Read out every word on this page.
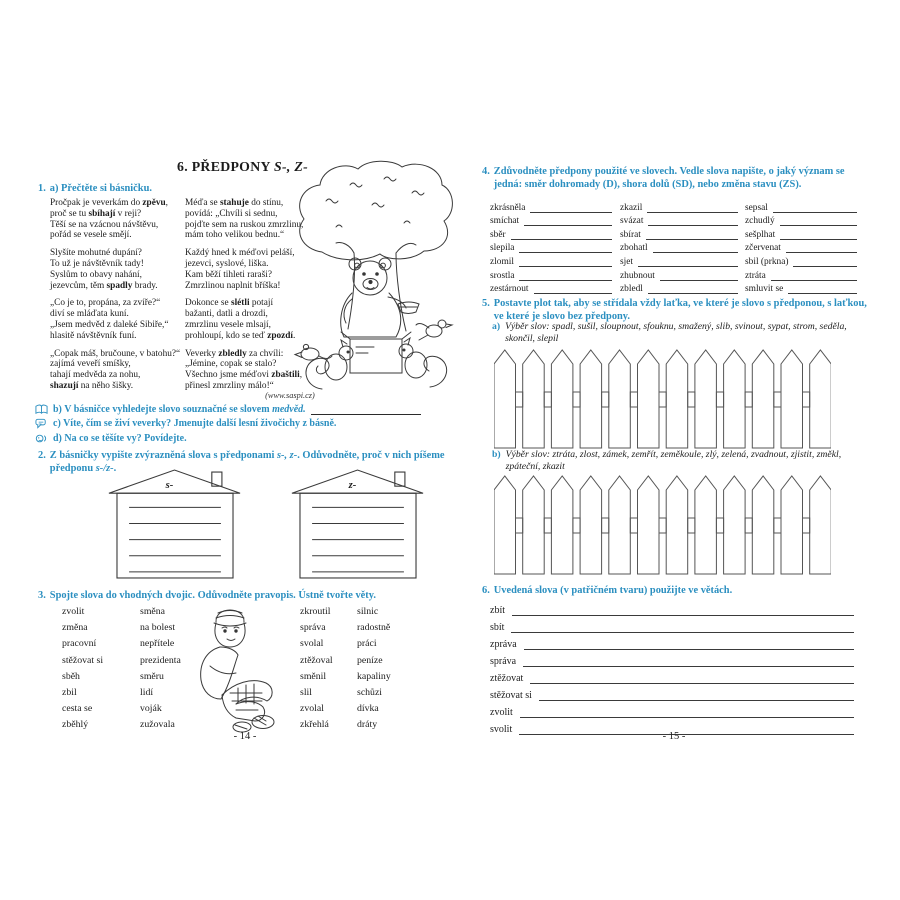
6. PŘEDPONY S-, Z-
1. a) Přečtěte si básničku.
Pročpak je veverkám do zpěvu,
proč se tu sbíhají v reji?
Těší se na vzácnou návštěvu,
pořád se vesele smějí.
Slyšíte mohutné dupání?
To už je návštěvník tady!
Syslům to obavy nahání,
jezevcům, těm spadly brady.
„Co je to, propána, za zvíře?“
diví se mláďata kuní.
„Jsem medvěd z daleké Sibiře,“
hlasitě návštěvník funí.
„Copak máš, bručoune, v batohu?“
zajímá veveří smíšky,
tahají medvěda za nohu,
shazují na něho šišky.
Méďa se stahuje do stínu,
povídá: „Chvíli si sednu,
pojďte sem na ruskou zmrzlinu,
mám toho velikou bednu.“
Každý hned k méďovi peláší,
jezevci, syslové, liška.
Kam běží tihleti raraši?
Zmrzlinou naplnit bříška!
Dokonce se slétli potají
bažanti, datli a drozdi,
zmrzlinu vesele mlsají,
prohloupí, kdo se teď zpozdí.
Veverky zbledly za chvíli:
„Jémine, copak se stalo?
Všechno jsme méďovi zbaštili,
přinesl zmrzliny málo!“
(www.saspi.cz)
b) V básničce vyhledejte slovo souznačné se slovem medvěd.
c) Víte, čím se živí veverky? Jmenujte další lesní živočichy z básně.
d) Na co se těšíte vy? Povídejte.
2. Z básničky vypište zvýrazněná slova s předponami s-, z-. Odůvodněte, proč v nich píšeme předponu s-/z-.
s-	z-
3. Spojte slova do vhodných dvojic. Odůvodněte pravopis. Ústně tvořte věty.
zvolit
změna
pracovní
stěžovat si
sběh
zbil
cesta se
zběhlý
směna
na bolest
nepřítele
prezidenta
směru
lidí
voják
zužovala
zkroutil
správa
svolal
ztěžoval
směnil
slil
zvolal
zkřehlá
silnic
radostně
práci
peníze
kapaliny
schůzi
dívka
dráty
- 14 -
4. Zdůvodněte předpony použité ve slovech. Vedle slova napište, o jaký význam se jedná: směr dohromady (D), shora dolů (SD), nebo změna stavu (ZS).
zkrásněla
smíchat
sběr
slepila
zlomil
srostla
zestárnout
zkazil
svázat
sbírat
zbohatl
sjet
zhubnout
zbledl
sepsal
zchudlý
sešplhat
zčervenat
sbil (prkna)
ztráta
smluvit se
5. Postavte plot tak, aby se střídala vždy laťka, ve které je slovo s předponou, s laťkou, ve které je slovo bez předpony.
a) Výběr slov: spadl, sušil, sloupnout, sfouknu, smažený, slib, svinout, sypat, strom, seděla, skončil, slepil
b) Výběr slov: ztráta, zlost, zámek, zemřít, zeměkoule, zlý, zelená, zvadnout, zjistit, změkl, zpáteční, zkazit
6. Uvedená slova (v patřičném tvaru) použijte ve větách.
zbít
sbít
zpráva
správa
ztěžovat
stěžovat si
zvolit
svolit
- 15 -
